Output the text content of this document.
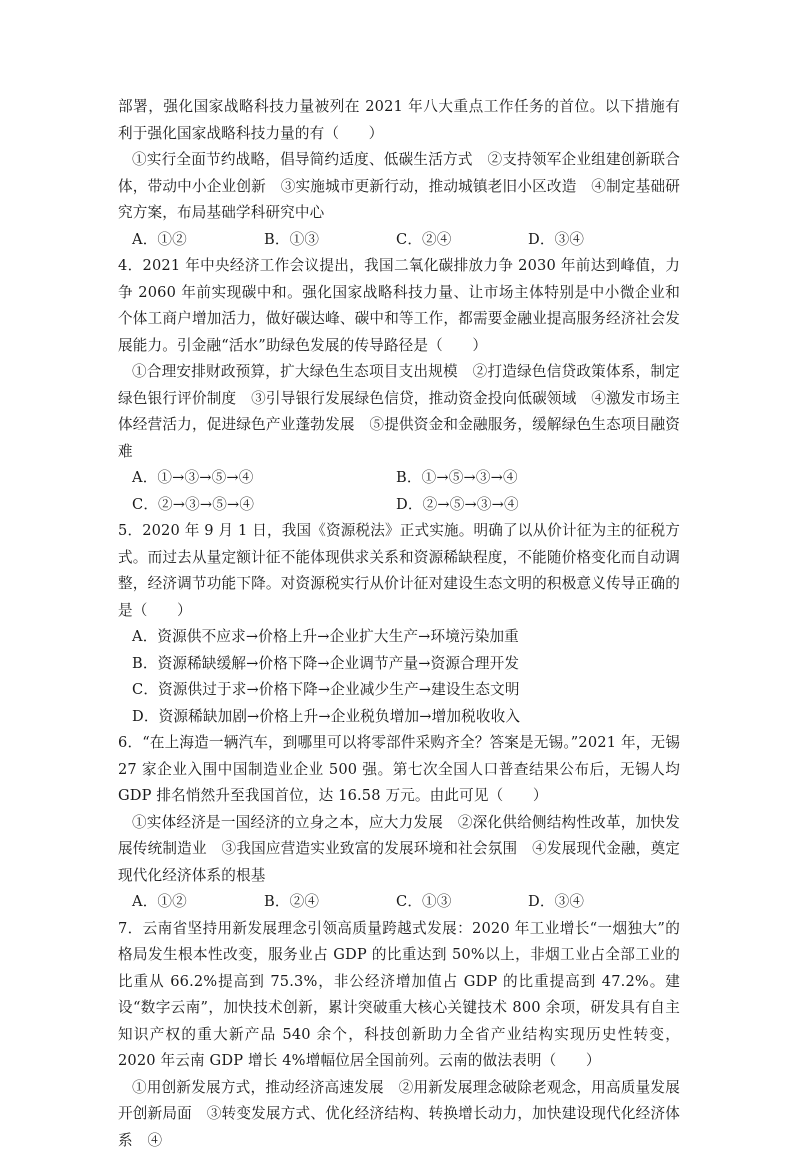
部署，强化国家战略科技力量被列在 2021 年八大重点工作任务的首位。以下措施有利于强化国家战略科技力量的有（　　）

①实行全面节约战略，倡导简约适度、低碳生活方式　②支持领军企业组建创新联合体，带动中小企业创新　③实施城市更新行动，推动城镇老旧小区改造　④制定基础研究方案，布局基础学科研究中心

A．①②	B．①③	C．②④	D．③④

4．2021 年中央经济工作会议提出，我国二氧化碳排放力争 2030 年前达到峰值，力争 2060 年前实现碳中和。强化国家战略科技力量、让市场主体特别是中小微企业和个体工商户增加活力，做好碳达峰、碳中和等工作，都需要金融业提高服务经济社会发展能力。引金融“活水”助绿色发展的传导路径是（　　）

①合理安排财政预算，扩大绿色生态项目支出规模　②打造绿色信贷政策体系，制定绿色银行评价制度　③引导银行发展绿色信贷，推动资金投向低碳领域　④激发市场主体经营活力，促进绿色产业蓬勃发展　⑤提供资金和金融服务，缓解绿色生态项目融资难

A．①→③→⑤→④	B．①→⑤→③→④
C．②→③→⑤→④	D．②→⑤→③→④

5．2020 年 9 月 1 日，我国《资源税法》正式实施。明确了以从价计征为主的征税方式。而过去从量定额计征不能体现供求关系和资源稀缺程度，不能随价格变化而自动调整，经济调节功能下降。对资源税实行从价计征对建设生态文明的积极意义传导正确的是（　　）

A．资源供不应求→价格上升→企业扩大生产→环境污染加重

B．资源稀缺缓解→价格下降→企业调节产量→资源合理开发

C．资源供过于求→价格下降→企业减少生产→建设生态文明

D．资源稀缺加剧→价格上升→企业税负增加→增加税收收入

6．“在上海造一辆汽车，到哪里可以将零部件采购齐全？答案是无锡。”2021 年，无锡 27 家企业入围中国制造业企业 500 强。第七次全国人口普查结果公布后，无锡人均GDP 排名悄然升至我国首位，达 16.58 万元。由此可见（　　）

①实体经济是一国经济的立身之本，应大力发展　②深化供给侧结构性改革，加快发展传统制造业　③我国应营造实业致富的发展环境和社会氛围　④发展现代金融，奠定现代化经济体系的根基

A．①②	B．②④	C．①③	D．③④

7．云南省坚持用新发展理念引领高质量跨越式发展：2020 年工业增长“一烟独大”的格局发生根本性改变，服务业占 GDP 的比重达到 50%以上，非烟工业占全部工业的比重从 66.2%提高到 75.3%，非公经济增加值占 GDP 的比重提高到 47.2%。建设“数字云南”，加快技术创新，累计突破重大核心关键技术 800 余项，研发具有自主知识产权的重大新产品 540 余个，科技创新助力全省产业结构实现历史性转变，2020 年云南 GDP 增长 4%增幅位居全国前列。云南的做法表明（　　）

①用创新发展方式，推动经济高速发展　②用新发展理念破除老观念，用高质量发展开创新局面　③转变发展方式、优化经济结构、转换增长动力，加快建设现代化经济体系　④
